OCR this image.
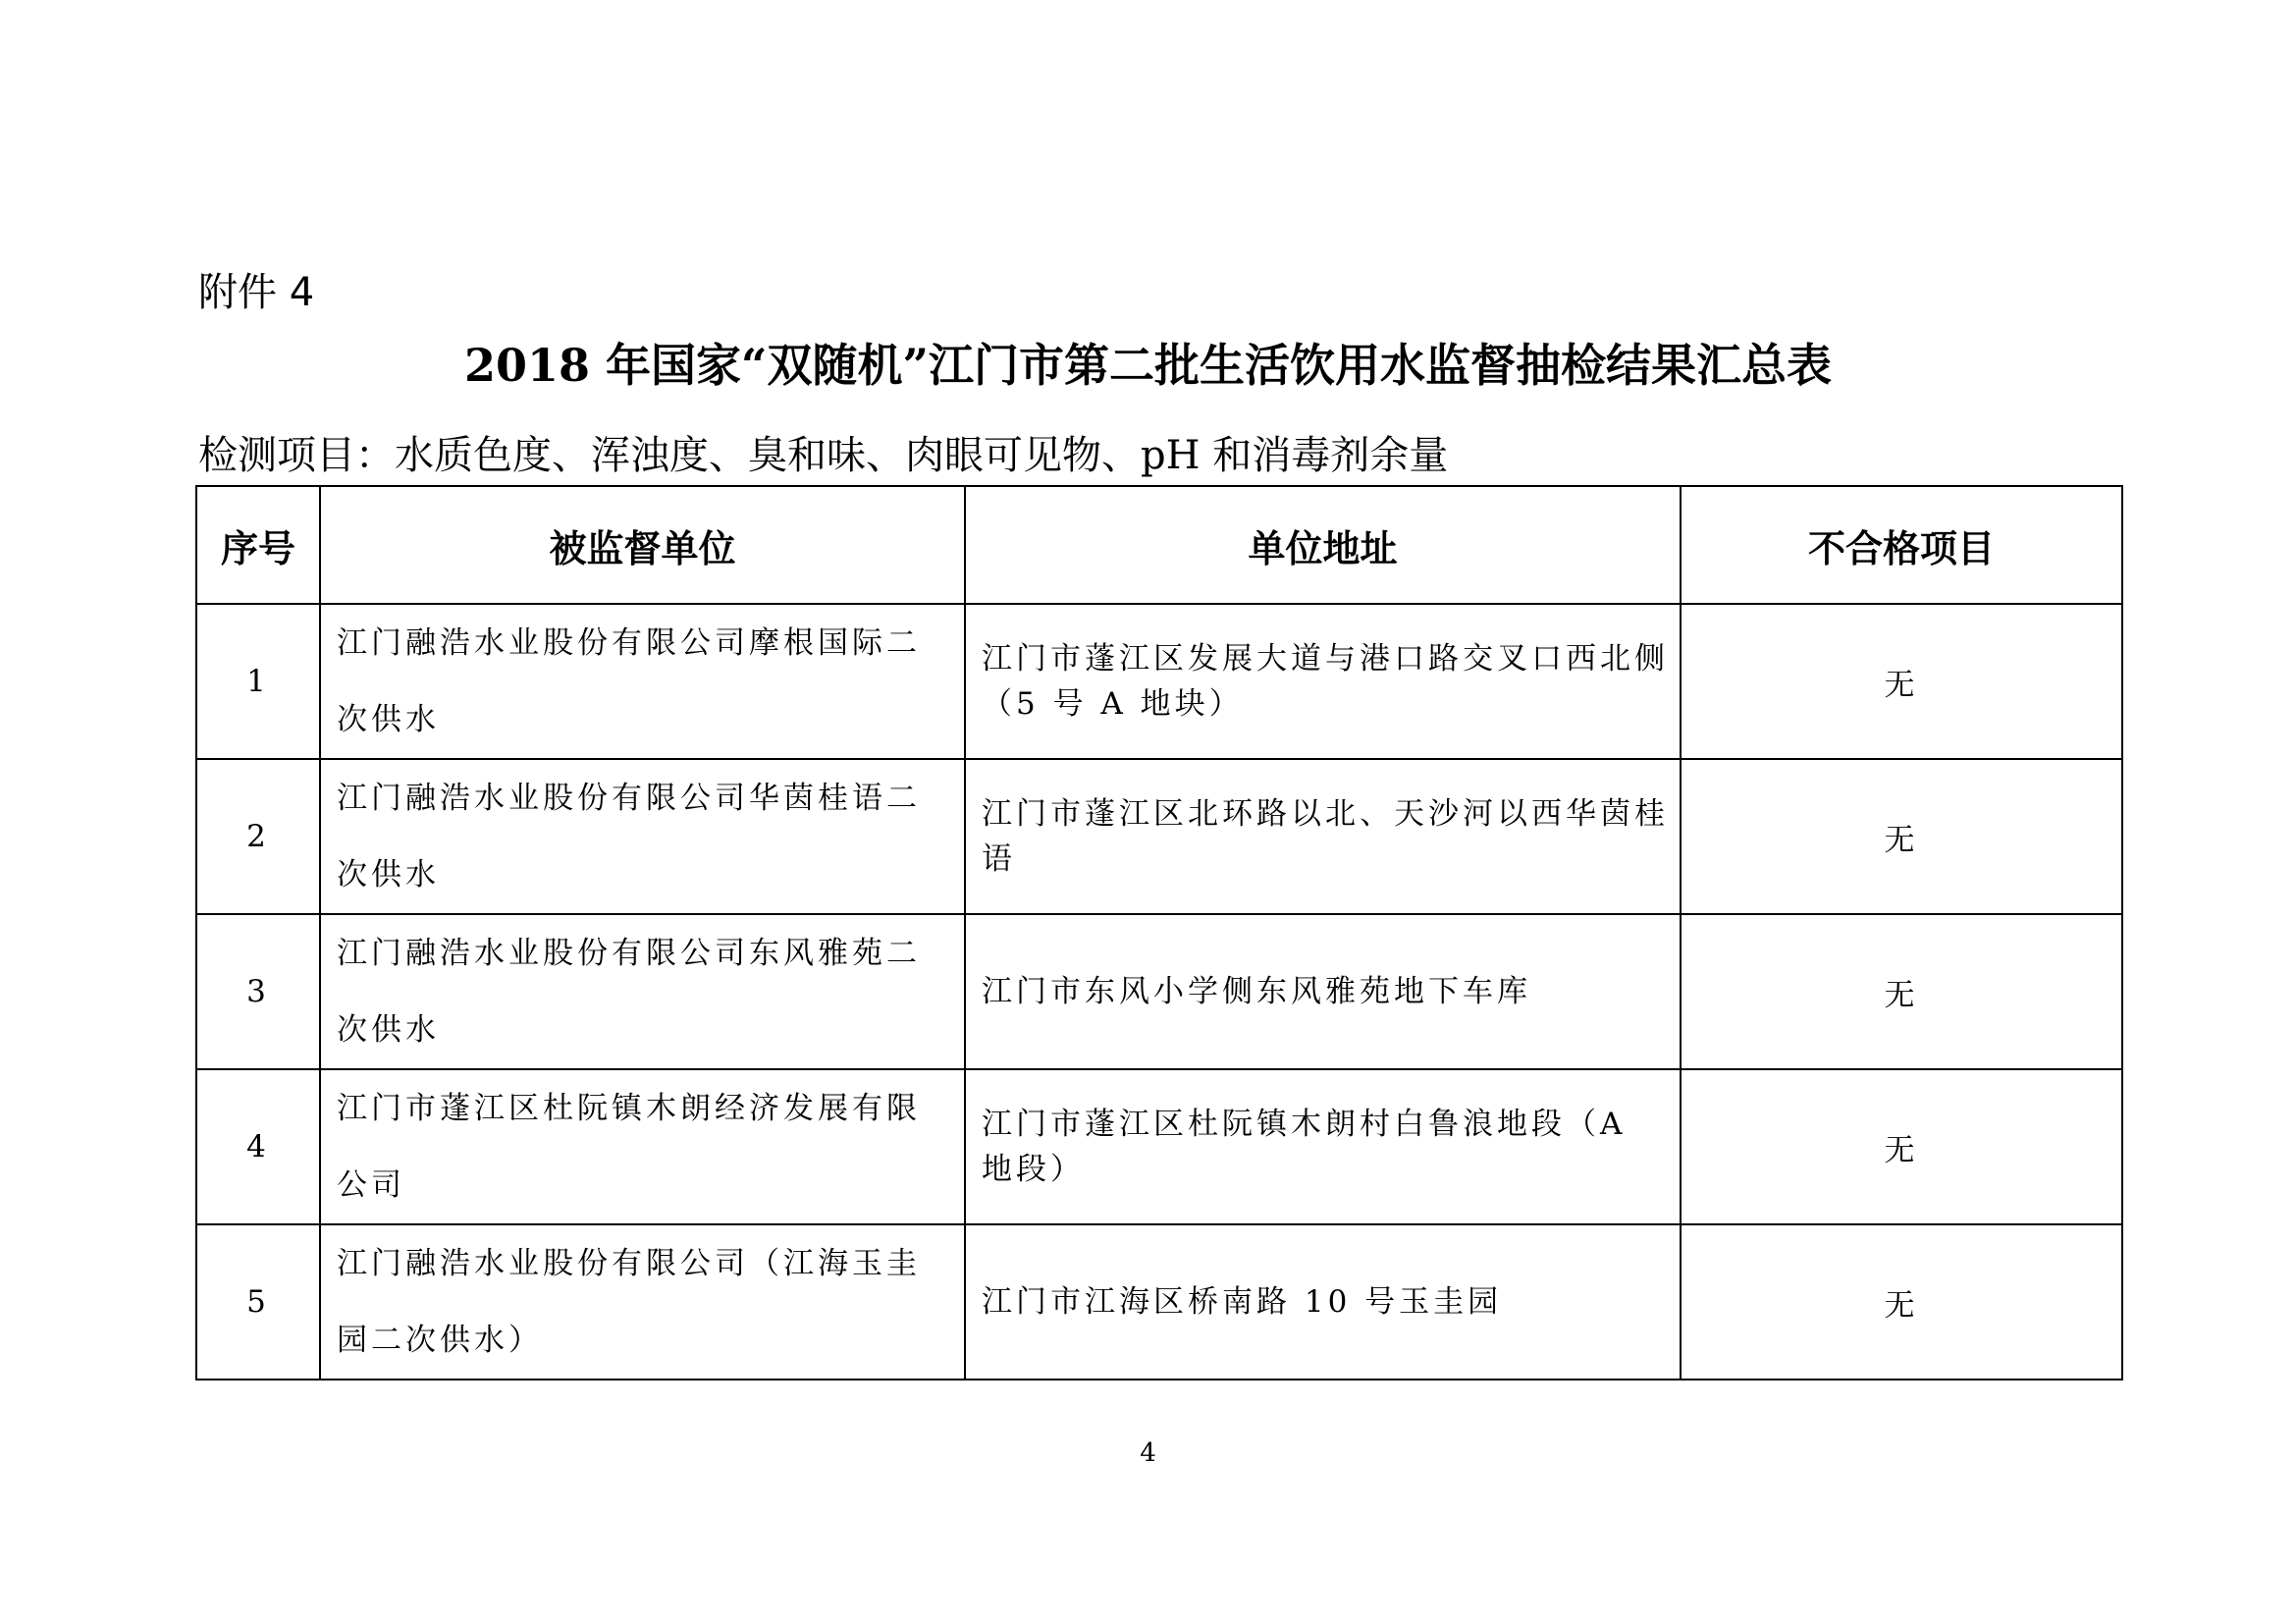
附件 4
2018 年国家“双随机”江门市第二批生活饮用水监督抽检结果汇总表
检测项目：水质色度、浑浊度、臭和味、肉眼可见物、pH 和消毒剂余量
序号	被监督单位	单位地址	不合格项目
1	江门融浩水业股份有限公司摩根国际二次供水	江门市蓬江区发展大道与港口路交叉口西北侧（5 号 A 地块）	无
2	江门融浩水业股份有限公司华茵桂语二次供水	江门市蓬江区北环路以北、天沙河以西华茵桂语	无
3	江门融浩水业股份有限公司东风雅苑二次供水	江门市东风小学侧东风雅苑地下车库	无
4	江门市蓬江区杜阮镇木朗经济发展有限公司	江门市蓬江区杜阮镇木朗村白鲁浪地段（A 地段）	无
5	江门融浩水业股份有限公司（江海玉圭园二次供水）	江门市江海区桥南路 10 号玉圭园	无
4
